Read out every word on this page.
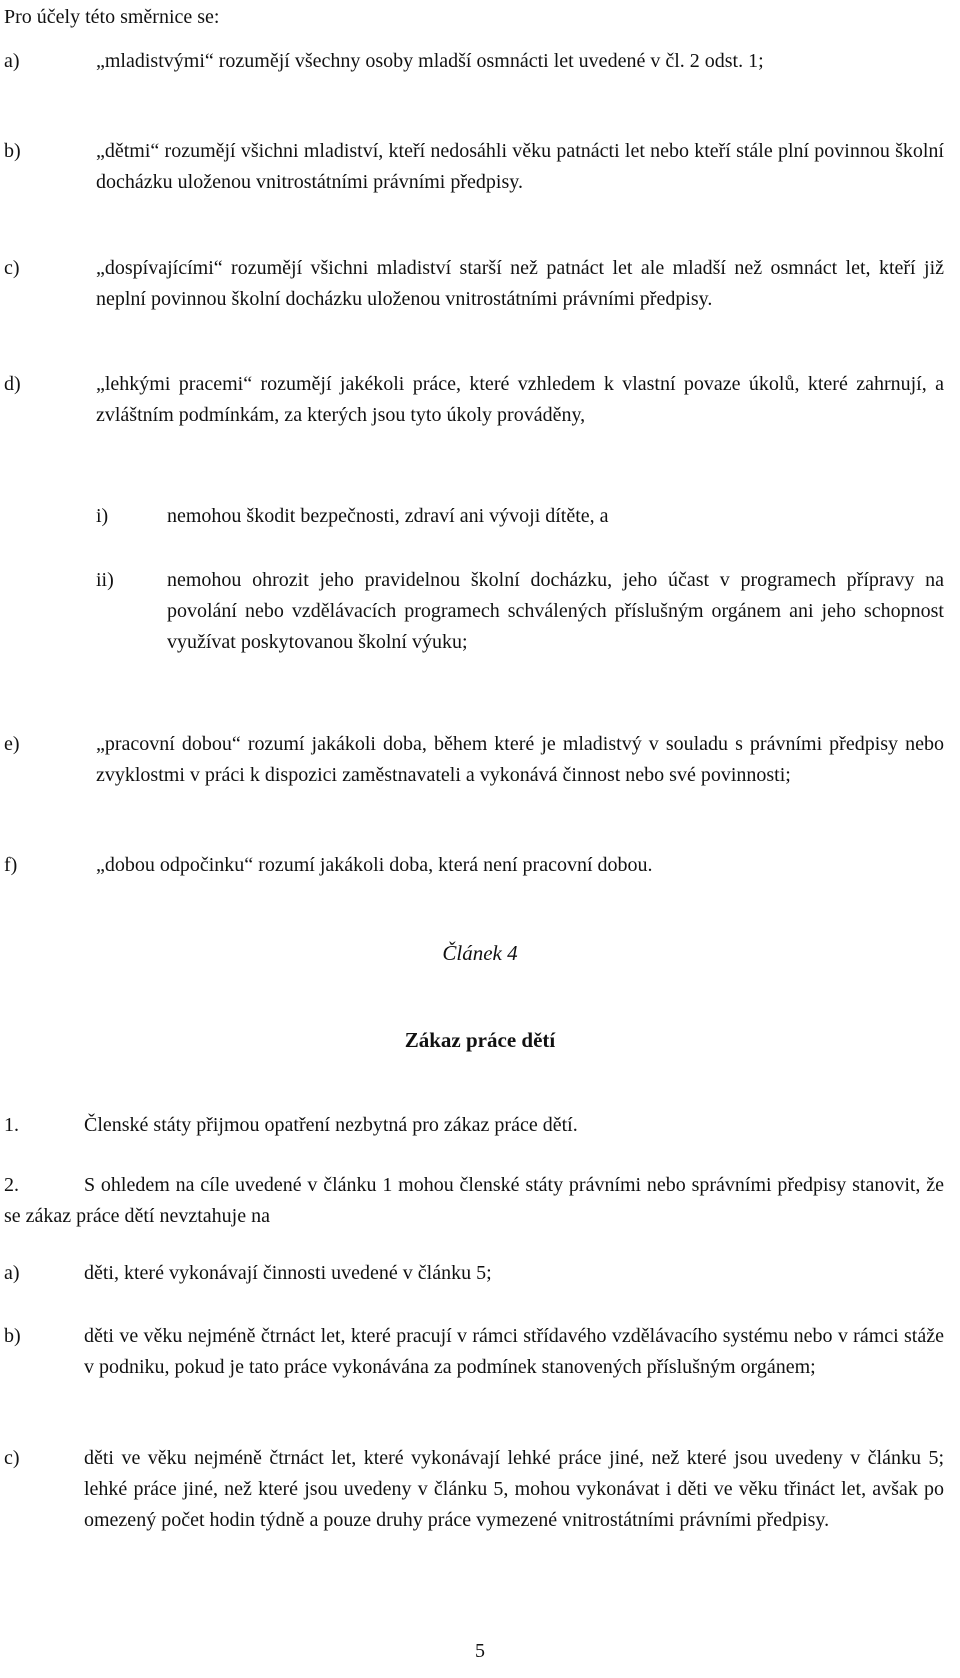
Pro účely této směrnice se:

a)	„mladistvými“ rozumějí všechny osoby mladší osmnácti let uvedené v čl. 2 odst. 1;

b)	„dětmi“ rozumějí všichni mladiství, kteří nedosáhli věku patnácti let nebo kteří stále plní povinnou školní docházku uloženou vnitrostátními právními předpisy.

c)	„dospívajícími“ rozumějí všichni mladiství starší než patnáct let ale mladší než osmnáct let, kteří již neplní povinnou školní docházku uloženou vnitrostátními právními předpisy.

d)	„lehkými pracemi“ rozumějí jakékoli práce, které vzhledem k vlastní povaze úkolů, které zahrnují, a zvláštním podmínkám, za kterých jsou tyto úkoly prováděny,

i)	nemohou škodit bezpečnosti, zdraví ani vývoji dítěte, a

ii)	nemohou ohrozit jeho pravidelnou školní docházku, jeho účast v programech přípravy na povolání nebo vzdělávacích programech schválených příslušným orgánem ani jeho schopnost využívat poskytovanou školní výuku;

e)	„pracovní dobou“ rozumí jakákoli doba, během které je mladistvý v souladu s právními předpisy nebo zvyklostmi v práci k dispozici zaměstnavateli a vykonává činnost nebo své povinnosti;

f)	„dobou odpočinku“ rozumí jakákoli doba, která není pracovní dobou.

Článek 4

Zákaz práce dětí

1.	Členské státy přijmou opatření nezbytná pro zákaz práce dětí.

2.	S ohledem na cíle uvedené v článku 1 mohou členské státy právními nebo správními předpisy stanovit, že se zákaz práce dětí nevztahuje na

a)	děti, které vykonávají činnosti uvedené v článku 5;

b)	děti ve věku nejméně čtrnáct let, které pracují v rámci střídavého vzdělávacího systému nebo v rámci stáže v podniku, pokud je tato práce vykonávána za podmínek stanovených příslušným orgánem;

c)	děti ve věku nejméně čtrnáct let, které vykonávají lehké práce jiné, než které jsou uvedeny v článku 5; lehké práce jiné, než které jsou uvedeny v článku 5, mohou vykonávat i děti ve věku třináct let, avšak po omezený počet hodin týdně a pouze druhy práce vymezené vnitrostátními právními předpisy.

5
